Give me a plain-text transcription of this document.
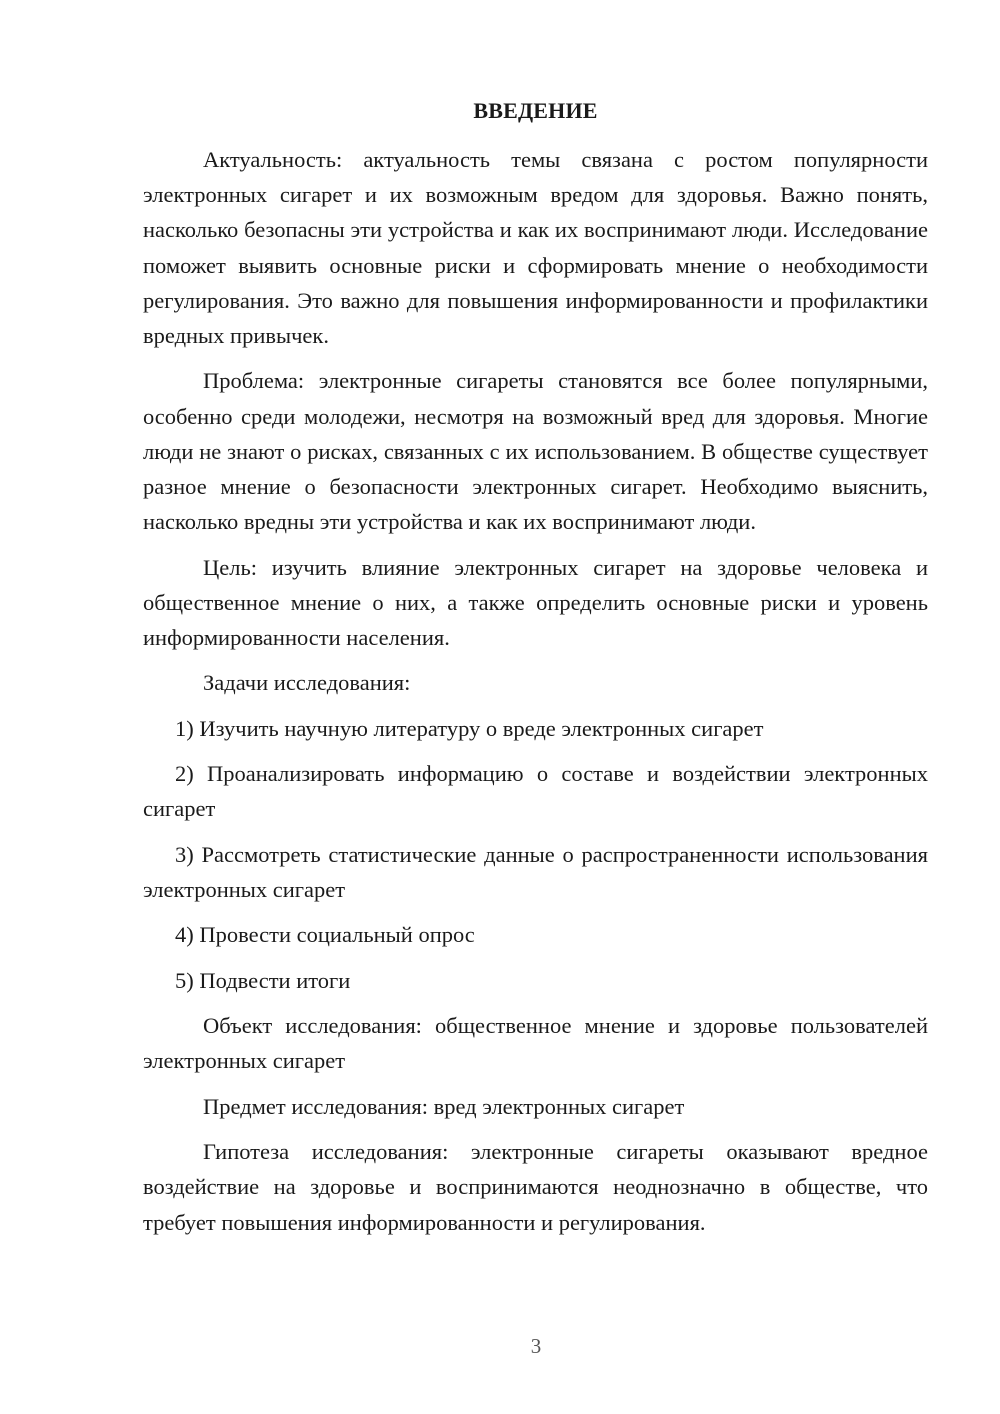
ВВЕДЕНИЕ

Актуальность: актуальность темы связана с ростом популярности электронных сигарет и их возможным вредом для здоровья. Важно понять, насколько безопасны эти устройства и как их воспринимают люди. Исследование поможет выявить основные риски и сформировать мнение о необходимости регулирования. Это важно для повышения информированности и профилактики вредных привычек.

Проблема: электронные сигареты становятся все более популярными, особенно среди молодежи, несмотря на возможный вред для здоровья. Многие люди не знают о рисках, связанных с их использованием. В обществе существует разное мнение о безопасности электронных сигарет. Необходимо выяснить, насколько вредны эти устройства и как их воспринимают люди.

Цель: изучить влияние электронных сигарет на здоровье человека и общественное мнение о них, а также определить основные риски и уровень информированности населения.

Задачи исследования:

1) Изучить научную литературу о вреде электронных сигарет

2) Проанализировать информацию о составе и воздействии электронных сигарет

3) Рассмотреть статистические данные о распространенности использования электронных сигарет

4) Провести социальный опрос

5) Подвести итоги

Объект исследования: общественное мнение и здоровье пользователей электронных сигарет

Предмет исследования: вред электронных сигарет

Гипотеза исследования: электронные сигареты оказывают вредное воздействие на здоровье и воспринимаются неоднозначно в обществе, что требует повышения информированности и регулирования.

3
